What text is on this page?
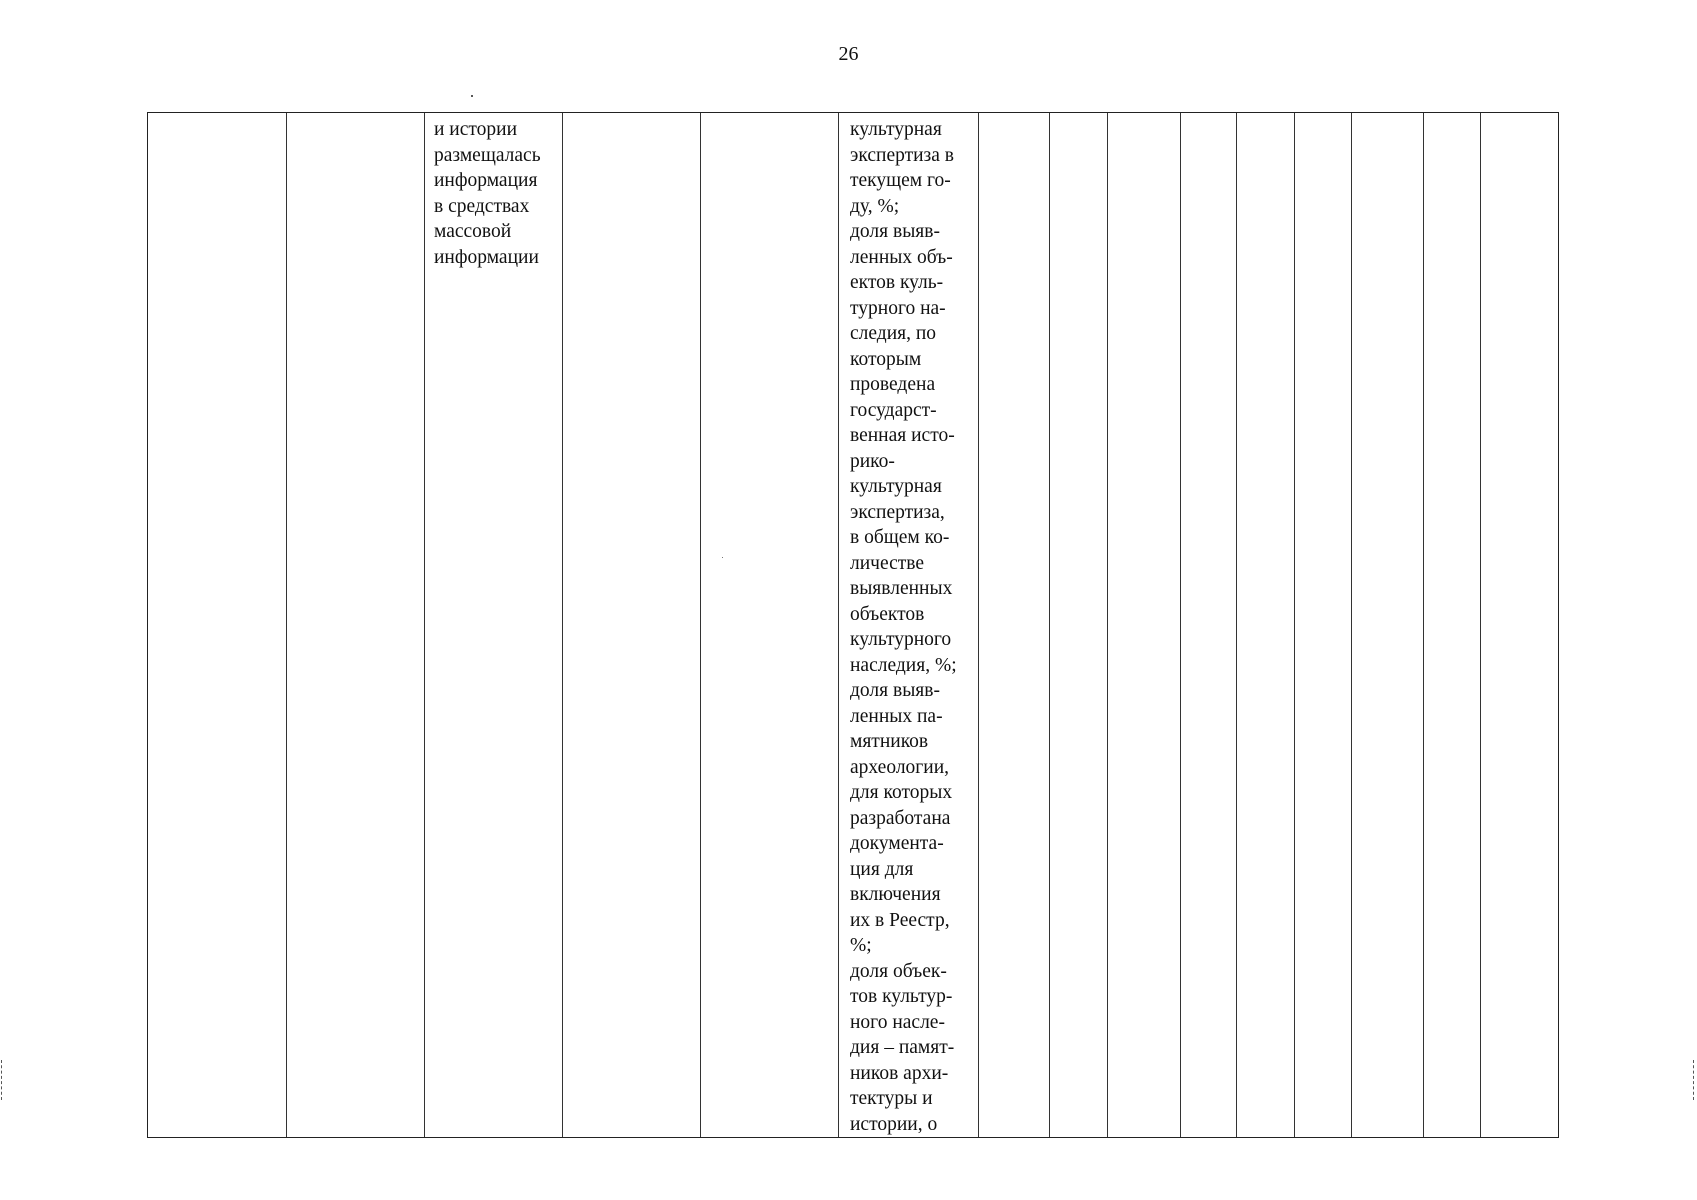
26
и истории
размещалась
информация
в средствах
массовой
информации
культурная
экспертиза в
текущем го-
ду, %;
доля выяв-
ленных объ-
ектов куль-
турного на-
следия, по
которым
проведена
государст-
венная исто-
рико-
культурная
экспертиза,
в общем ко-
личестве
выявленных
объектов
культурного
наследия, %;
доля выяв-
ленных па-
мятников
археологии,
для которых
разработана
документа-
ция для
включения
их в Реестр,
%;
доля объек-
тов культур-
ного насле-
дия – памят-
ников архи-
тектуры и
истории, о
